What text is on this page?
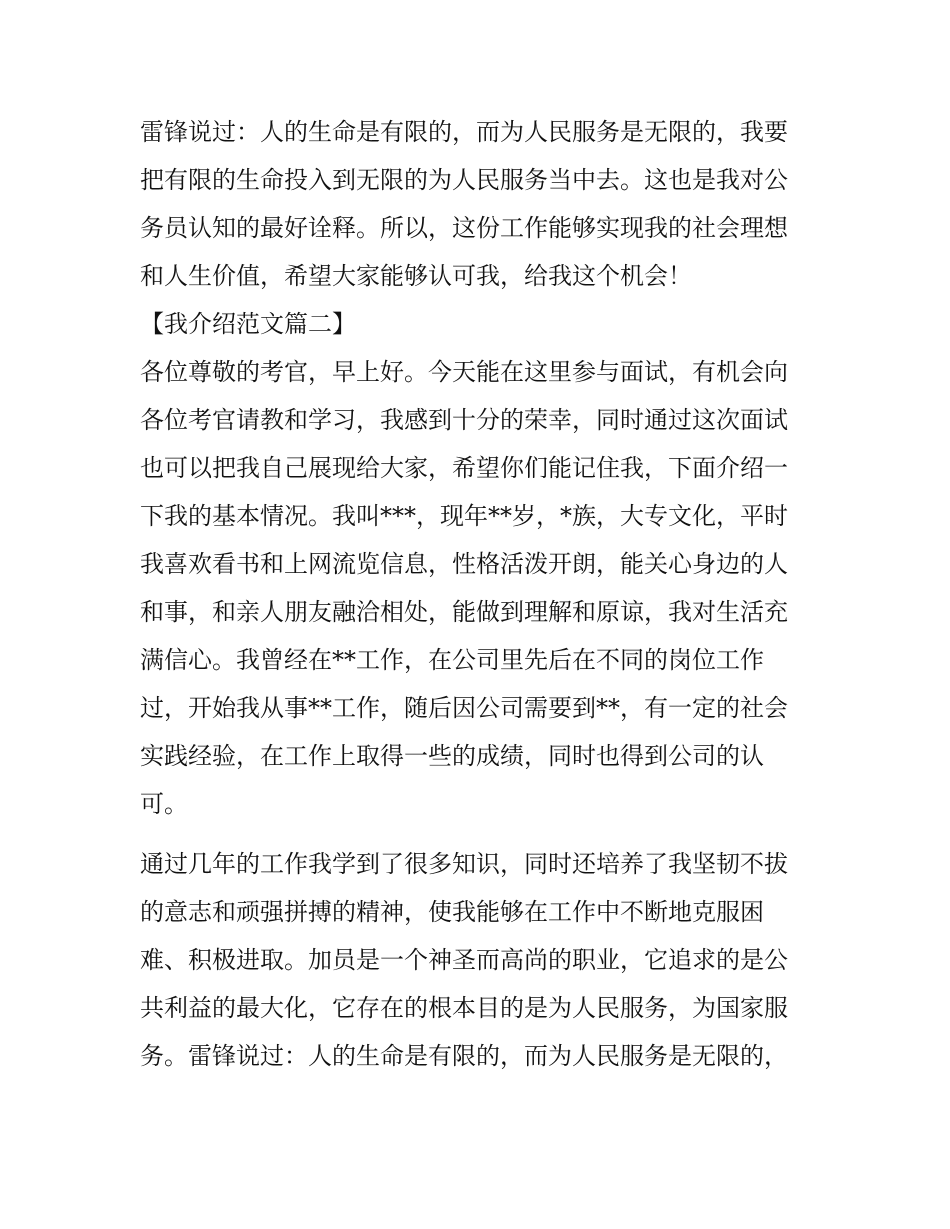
雷锋说过：人的生命是有限的，而为人民服务是无限的，我要
把有限的生命投入到无限的为人民服务当中去。这也是我对公
务员认知的最好诠释。所以，这份工作能够实现我的社会理想
和人生价值，希望大家能够认可我，给我这个机会！
【我介绍范文篇二】
各位尊敬的考官，早上好。今天能在这里参与面试，有机会向
各位考官请教和学习，我感到十分的荣幸，同时通过这次面试
也可以把我自己展现给大家，希望你们能记住我，下面介绍一
下我的基本情况。我叫***，现年**岁，*族，大专文化，平时
我喜欢看书和上网流览信息，性格活泼开朗，能关心身边的人
和事，和亲人朋友融洽相处，能做到理解和原谅，我对生活充
满信心。我曾经在**工作，在公司里先后在不同的岗位工作
过，开始我从事**工作，随后因公司需要到**，有一定的社会
实践经验，在工作上取得一些的成绩，同时也得到公司的认
可。
通过几年的工作我学到了很多知识，同时还培养了我坚韧不拔
的意志和顽强拼搏的精神，使我能够在工作中不断地克服困
难、积极进取。加员是一个神圣而高尚的职业，它追求的是公
共利益的最大化，它存在的根本目的是为人民服务，为国家服
务。雷锋说过：人的生命是有限的，而为人民服务是无限的，
